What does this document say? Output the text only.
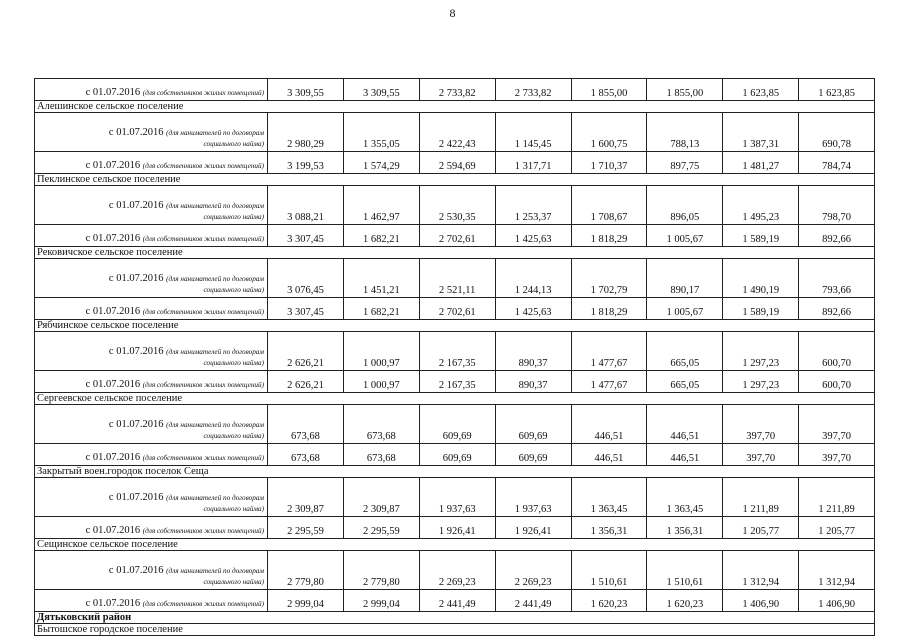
8
с 01.07.2016 (для собственников жилых помещений)	3 309,55	3 309,55	2 733,82	2 733,82	1 855,00	1 855,00	1 623,85	1 623,85
Алешинское сельское поселение								
с 01.07.2016 (для нанимателей по договорам
социального найма)	2 980,29	1 355,05	2 422,43	1 145,45	1 600,75	788,13	1 387,31	690,78
с 01.07.2016 (для собственников жилых помещений)	3 199,53	1 574,29	2 594,69	1 317,71	1 710,37	897,75	1 481,27	784,74
Пеклинское сельское поселение								
с 01.07.2016 (для нанимателей по договорам
социального найма)	3 088,21	1 462,97	2 530,35	1 253,37	1 708,67	896,05	1 495,23	798,70
с 01.07.2016 (для собственников жилых помещений)	3 307,45	1 682,21	2 702,61	1 425,63	1 818,29	1 005,67	1 589,19	892,66
Рековичское сельское поселение								
с 01.07.2016 (для нанимателей по договорам
социального найма)	3 076,45	1 451,21	2 521,11	1 244,13	1 702,79	890,17	1 490,19	793,66
с 01.07.2016 (для собственников жилых помещений)	3 307,45	1 682,21	2 702,61	1 425,63	1 818,29	1 005,67	1 589,19	892,66
Рябчинское сельское поселение								
с 01.07.2016 (для нанимателей по договорам
социального найма)	2 626,21	1 000,97	2 167,35	890,37	1 477,67	665,05	1 297,23	600,70
с 01.07.2016 (для собственников жилых помещений)	2 626,21	1 000,97	2 167,35	890,37	1 477,67	665,05	1 297,23	600,70
Сергеевское сельское поселение								
с 01.07.2016 (для нанимателей по договорам
социального найма)	673,68	673,68	609,69	609,69	446,51	446,51	397,70	397,70
с 01.07.2016 (для собственников жилых помещений)	673,68	673,68	609,69	609,69	446,51	446,51	397,70	397,70
Закрытый воен.городок поселок Сеща								
с 01.07.2016 (для нанимателей по договорам
социального найма)	2 309,87	2 309,87	1 937,63	1 937,63	1 363,45	1 363,45	1 211,89	1 211,89
с 01.07.2016 (для собственников жилых помещений)	2 295,59	2 295,59	1 926,41	1 926,41	1 356,31	1 356,31	1 205,77	1 205,77
Сещинское сельское поселение								
с 01.07.2016 (для нанимателей по договорам
социального найма)	2 779,80	2 779,80	2 269,23	2 269,23	1 510,61	1 510,61	1 312,94	1 312,94
с 01.07.2016 (для собственников жилых помещений)	2 999,04	2 999,04	2 441,49	2 441,49	1 620,23	1 620,23	1 406,90	1 406,90
Дятьковский район								
Бытошское городское поселение								
